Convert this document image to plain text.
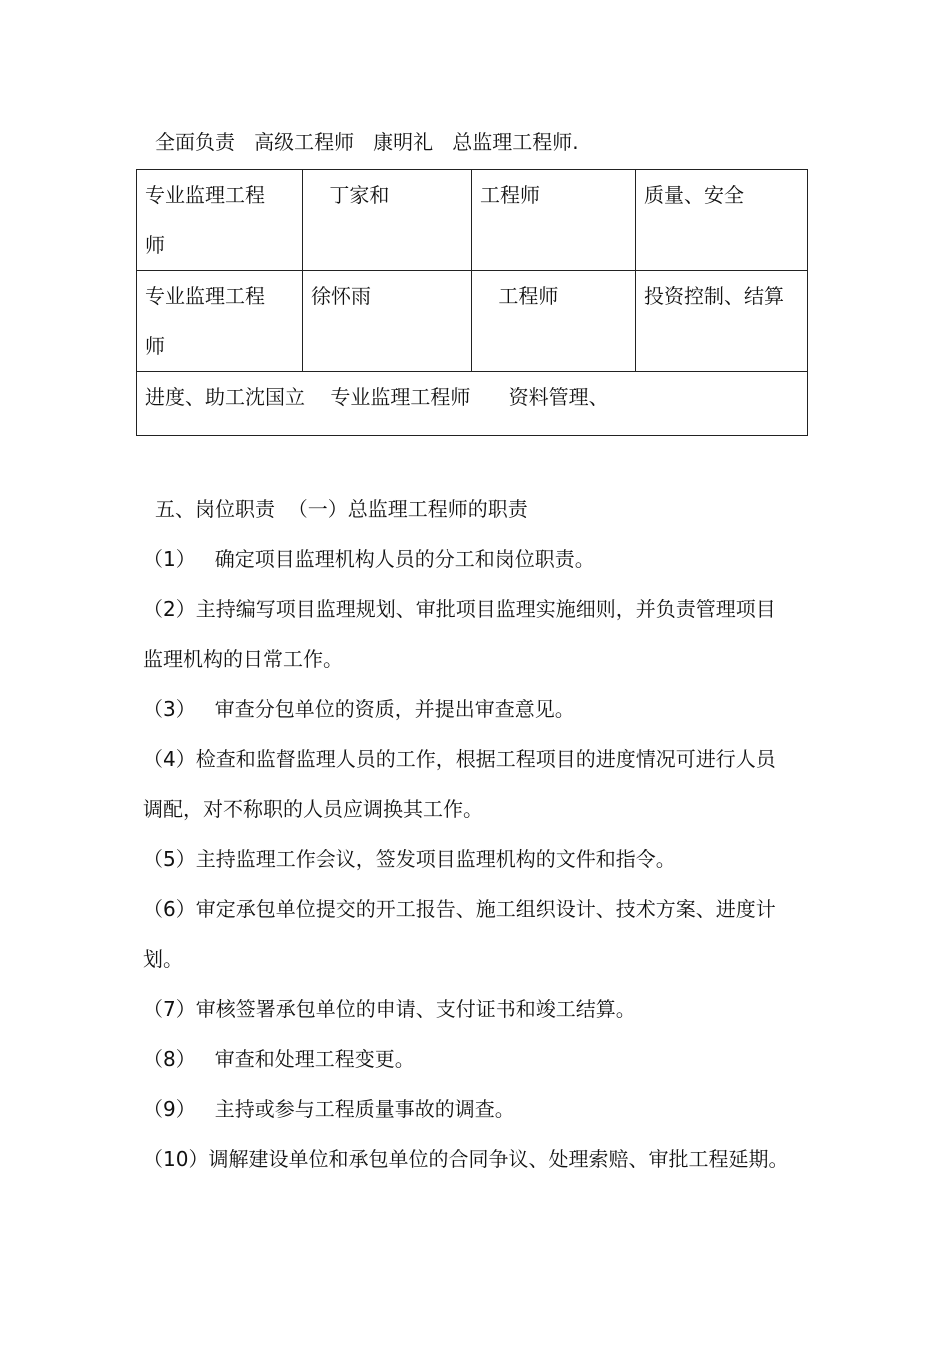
全面负责   高级工程师   康明礼   总监理工程师.
专业监理工程师	丁家和	工程师	质量、安全

专业监理工程师	徐怀雨	工程师	投资控制、结算

进度、助工沈国立    专业监理工程师      资料管理、			

五、岗位职责  （一）总监理工程师的职责

（1）   确定项目监理机构人员的分工和岗位职责。

（2）主持编写项目监理规划、审批项目监理实施细则，并负责管理项目监理机构的日常工作。

（3）   审查分包单位的资质，并提出审查意见。

（4）检查和监督监理人员的工作，根据工程项目的进度情况可进行人员调配，对不称职的人员应调换其工作。

（5）主持监理工作会议，签发项目监理机构的文件和指令。

（6）审定承包单位提交的开工报告、施工组织设计、技术方案、进度计划。

（7）审核签署承包单位的申请、支付证书和竣工结算。

（8）   审查和处理工程变更。

（9）   主持或参与工程质量事故的调查。

（10）调解建设单位和承包单位的合同争议、处理索赔、审批工程延期。
